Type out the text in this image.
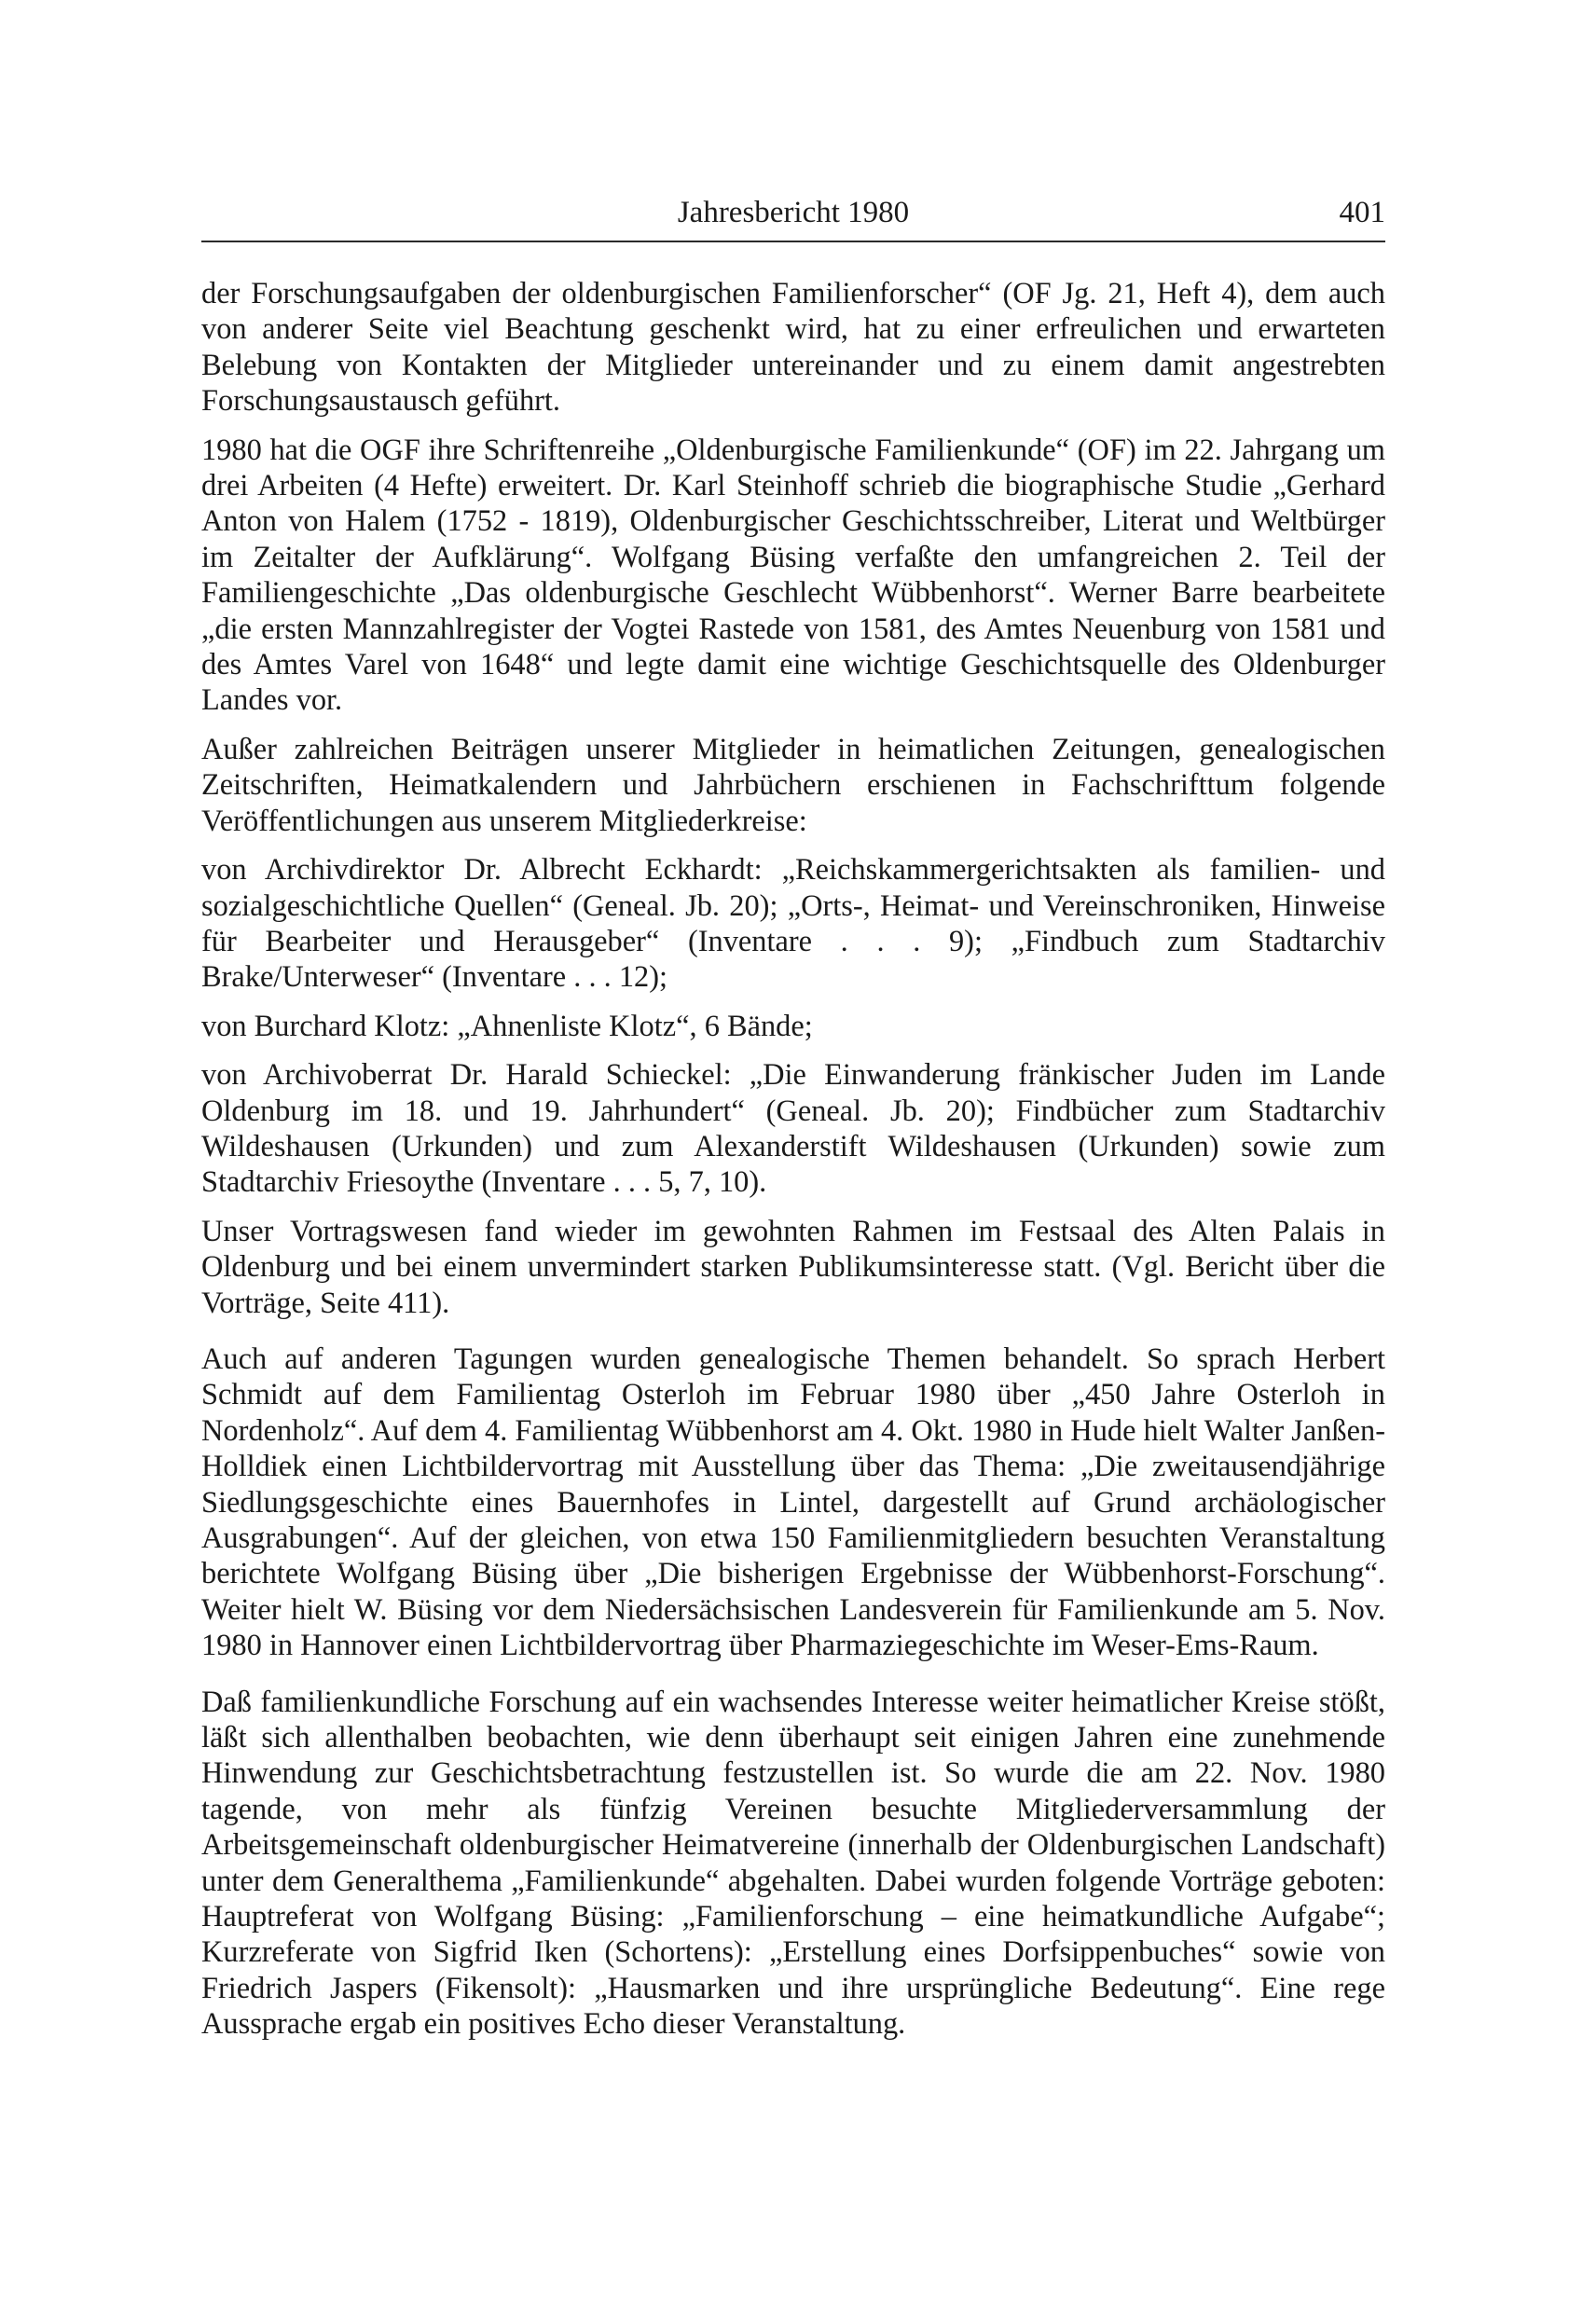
Jahresbericht 1980	401

der Forschungsaufgaben der oldenburgischen Familienforscher“ (OF Jg. 21, Heft 4), dem auch von anderer Seite viel Beachtung geschenkt wird, hat zu einer erfreulichen und erwarteten Belebung von Kontakten der Mitglieder untereinander und zu einem damit angestrebten Forschungsaustausch geführt.

1980 hat die OGF ihre Schriftenreihe „Oldenburgische Familienkunde“ (OF) im 22. Jahrgang um drei Arbeiten (4 Hefte) erweitert. Dr. Karl Steinhoff schrieb die biographische Studie „Gerhard Anton von Halem (1752 - 1819), Oldenburgischer Geschichtsschreiber, Literat und Weltbürger im Zeitalter der Aufklärung“. Wolfgang Büsing verfaßte den umfangreichen 2. Teil der Familiengeschichte „Das oldenburgische Geschlecht Wübbenhorst“. Werner Barre bearbeitete „die ersten Mannzahlregister der Vogtei Rastede von 1581, des Amtes Neuenburg von 1581 und des Amtes Varel von 1648“ und legte damit eine wichtige Geschichtsquelle des Oldenburger Landes vor.

Außer zahlreichen Beiträgen unserer Mitglieder in heimatlichen Zeitungen, genealogischen Zeitschriften, Heimatkalendern und Jahrbüchern erschienen in Fachschrifttum folgende Veröffentlichungen aus unserem Mitgliederkreise:

von Archivdirektor Dr. Albrecht Eckhardt: „Reichskammergerichtsakten als familien- und sozialgeschichtliche Quellen“ (Geneal. Jb. 20); „Orts-, Heimat- und Vereinschroniken, Hinweise für Bearbeiter und Herausgeber“ (Inventare . . . 9); „Findbuch zum Stadtarchiv Brake/Unterweser“ (Inventare . . . 12);

von Burchard Klotz: „Ahnenliste Klotz“, 6 Bände;

von Archivoberrat Dr. Harald Schieckel: „Die Einwanderung fränkischer Juden im Lande Oldenburg im 18. und 19. Jahrhundert“ (Geneal. Jb. 20); Findbücher zum Stadtarchiv Wildeshausen (Urkunden) und zum Alexanderstift Wildeshausen (Urkunden) sowie zum Stadtarchiv Friesoythe (Inventare . . . 5, 7, 10).

Unser Vortragswesen fand wieder im gewohnten Rahmen im Festsaal des Alten Palais in Oldenburg und bei einem unvermindert starken Publikumsinteresse statt. (Vgl. Bericht über die Vorträge, Seite 411).

Auch auf anderen Tagungen wurden genealogische Themen behandelt. So sprach Herbert Schmidt auf dem Familientag Osterloh im Februar 1980 über „450 Jahre Osterloh in Nordenholz“. Auf dem 4. Familientag Wübbenhorst am 4. Okt. 1980 in Hude hielt Walter Janßen-Holldiek einen Lichtbildervortrag mit Ausstellung über das Thema: „Die zweitausendjährige Siedlungsgeschichte eines Bauernhofes in Lintel, dargestellt auf Grund archäologischer Ausgrabungen“. Auf der gleichen, von etwa 150 Familienmitgliedern besuchten Veranstaltung berichtete Wolfgang Büsing über „Die bisherigen Ergebnisse der Wübbenhorst-Forschung“. Weiter hielt W. Büsing vor dem Niedersächsischen Landesverein für Familienkunde am 5. Nov. 1980 in Hannover einen Lichtbildervortrag über Pharmaziegeschichte im Weser-Ems-Raum.

Daß familienkundliche Forschung auf ein wachsendes Interesse weiter heimatlicher Kreise stößt, läßt sich allenthalben beobachten, wie denn überhaupt seit einigen Jahren eine zunehmende Hinwendung zur Geschichtsbetrachtung festzustellen ist. So wurde die am 22. Nov. 1980 tagende, von mehr als fünfzig Vereinen besuchte Mitgliederversammlung der Arbeitsgemeinschaft oldenburgischer Heimatvereine (innerhalb der Oldenburgischen Landschaft) unter dem Generalthema „Familienkunde“ abgehalten. Dabei wurden folgende Vorträge geboten: Hauptreferat von Wolfgang Büsing: „Familienforschung – eine heimatkundliche Aufgabe“; Kurzreferate von Sigfrid Iken (Schortens): „Erstellung eines Dorfsippenbuches“ sowie von Friedrich Jaspers (Fikensolt): „Hausmarken und ihre ursprüngliche Bedeutung“. Eine rege Aussprache ergab ein positives Echo dieser Veranstaltung.
